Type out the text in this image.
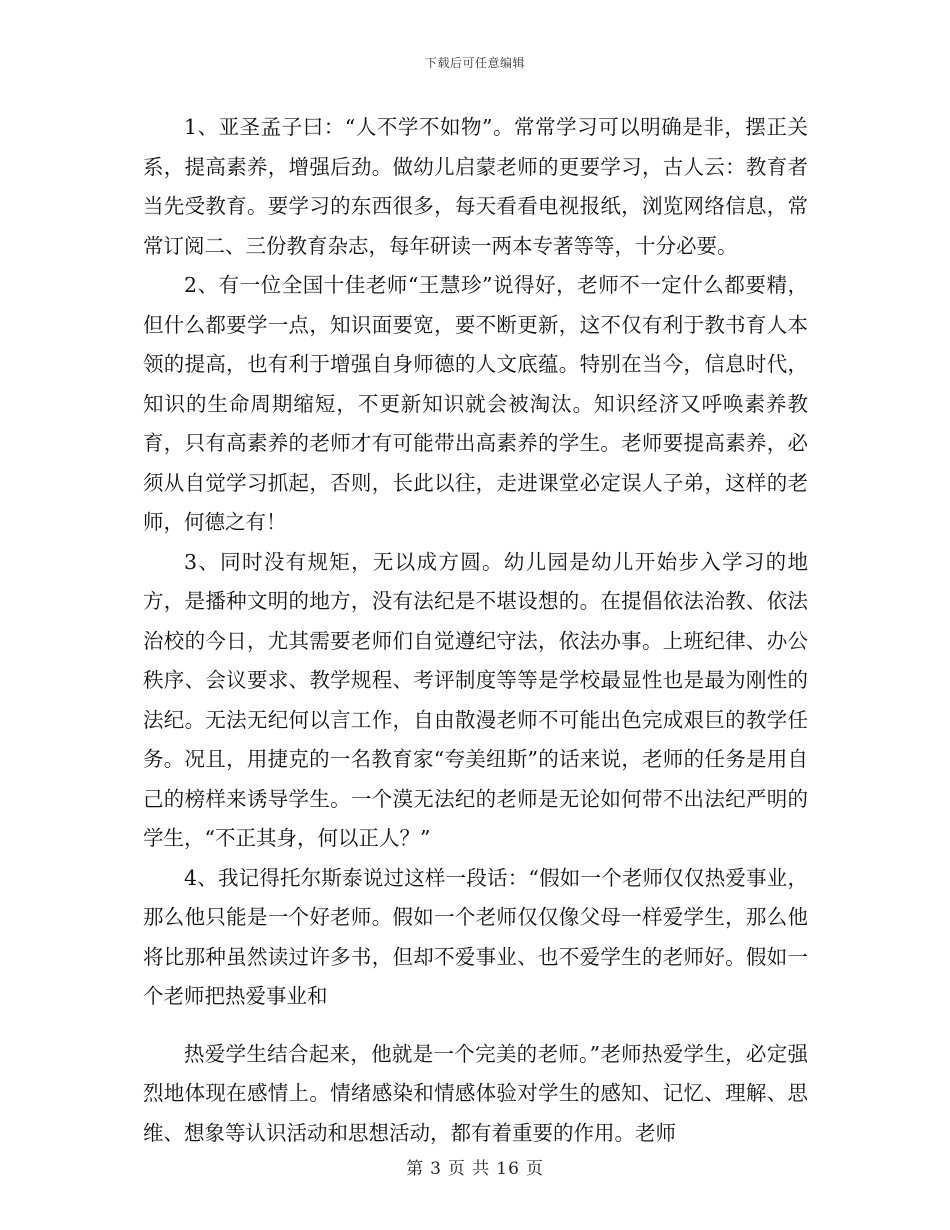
下载后可任意编辑

1、亚圣孟子曰：“人不学不如物”。常常学习可以明确是非，摆正关系，提高素养，增强后劲。做幼儿启蒙老师的更要学习，古人云：教育者当先受教育。要学习的东西很多，每天看看电视报纸，浏览网络信息，常常订阅二、三份教育杂志，每年研读一两本专著等等，十分必要。

2、有一位全国十佳老师“王慧珍”说得好，老师不一定什么都要精，但什么都要学一点，知识面要宽，要不断更新，这不仅有利于教书育人本领的提高，也有利于增强自身师德的人文底蕴。特别在当今，信息时代，知识的生命周期缩短，不更新知识就会被淘汰。知识经济又呼唤素养教育，只有高素养的老师才有可能带出高素养的学生。老师要提高素养，必须从自觉学习抓起，否则，长此以往，走进课堂必定误人子弟，这样的老师，何德之有！

3、同时没有规矩，无以成方圆。幼儿园是幼儿开始步入学习的地方，是播种文明的地方，没有法纪是不堪设想的。在提倡依法治教、依法治校的今日，尤其需要老师们自觉遵纪守法，依法办事。上班纪律、办公秩序、会议要求、教学规程、考评制度等等是学校最显性也是最为刚性的法纪。无法无纪何以言工作，自由散漫老师不可能出色完成艰巨的教学任务。况且，用捷克的一名教育家“夸美纽斯”的话来说，老师的任务是用自己的榜样来诱导学生。一个漠无法纪的老师是无论如何带不出法纪严明的学生，“不正其身，何以正人？”

4、我记得托尔斯泰说过这样一段话：“假如一个老师仅仅热爱事业，那么他只能是一个好老师。假如一个老师仅仅像父母一样爱学生，那么他将比那种虽然读过许多书，但却不爱事业、也不爱学生的老师好。假如一个老师把热爱事业和

热爱学生结合起来，他就是一个完美的老师。”老师热爱学生，必定强烈地体现在感情上。情绪感染和情感体验对学生的感知、记忆、理解、思维、想象等认识活动和思想活动，都有着重要的作用。老师

第 3 页 共 16 页
